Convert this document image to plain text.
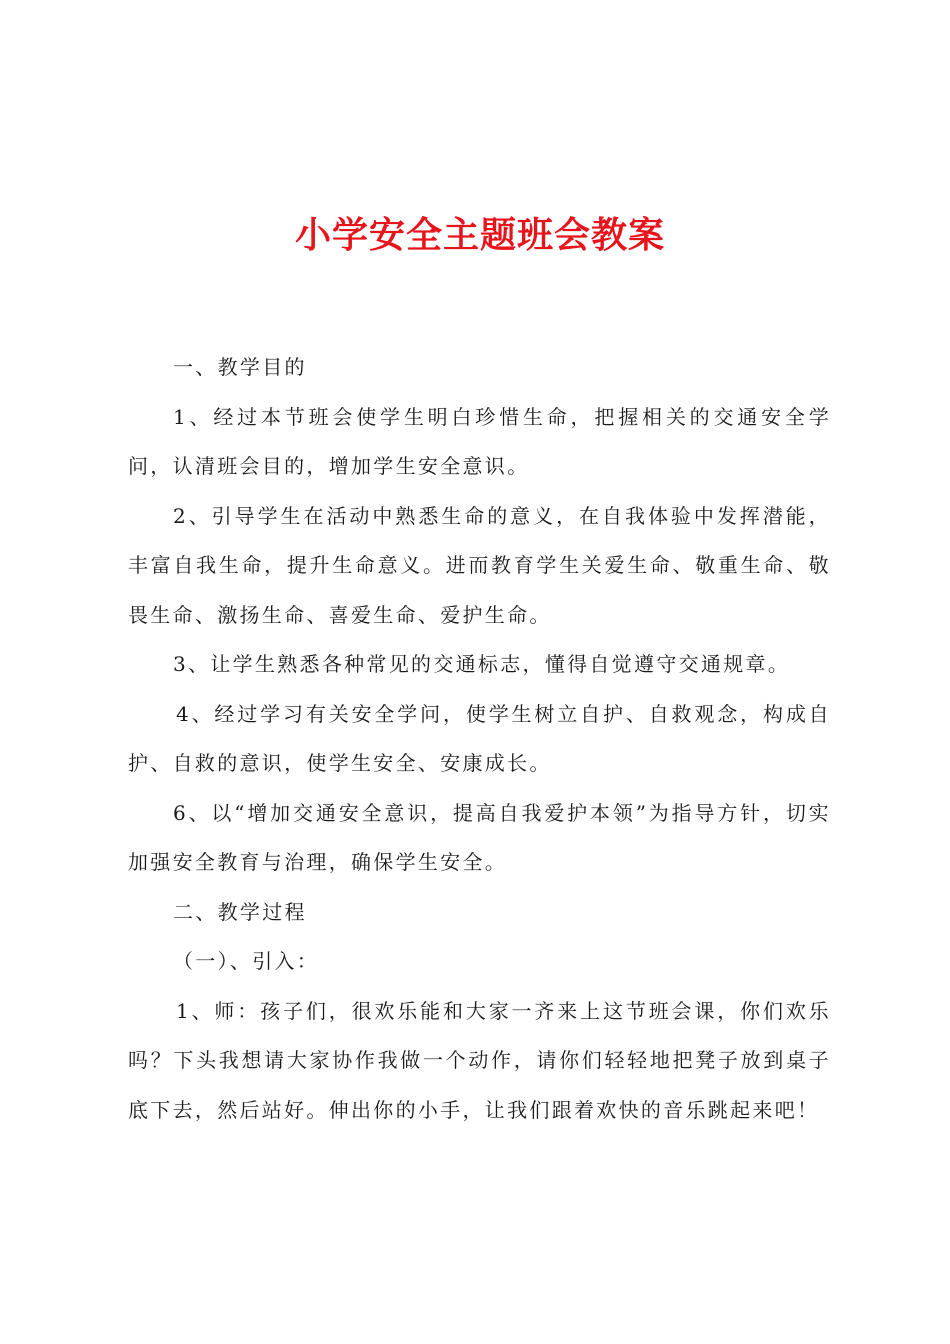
小学安全主题班会教案

一、教学目的

1、经过本节班会使学生明白珍惜生命，把握相关的交通安全学问，认清班会目的，增加学生安全意识。

2、引导学生在活动中熟悉生命的意义，在自我体验中发挥潜能，丰富自我生命，提升生命意义。进而教育学生关爱生命、敬重生命、敬畏生命、激扬生命、喜爱生命、爱护生命。

3、让学生熟悉各种常见的交通标志，懂得自觉遵守交通规章。

4、经过学习有关安全学问，使学生树立自护、自救观念，构成自护、自救的意识，使学生安全、安康成长。

6、以“增加交通安全意识，提高自我爱护本领”为指导方针，切实加强安全教育与治理，确保学生安全。

二、教学过程

（一）、引入：

1、师：孩子们，很欢乐能和大家一齐来上这节班会课，你们欢乐吗？下头我想请大家协作我做一个动作，请你们轻轻地把凳子放到桌子底下去，然后站好。伸出你的小手，让我们跟着欢快的音乐跳起来吧！
